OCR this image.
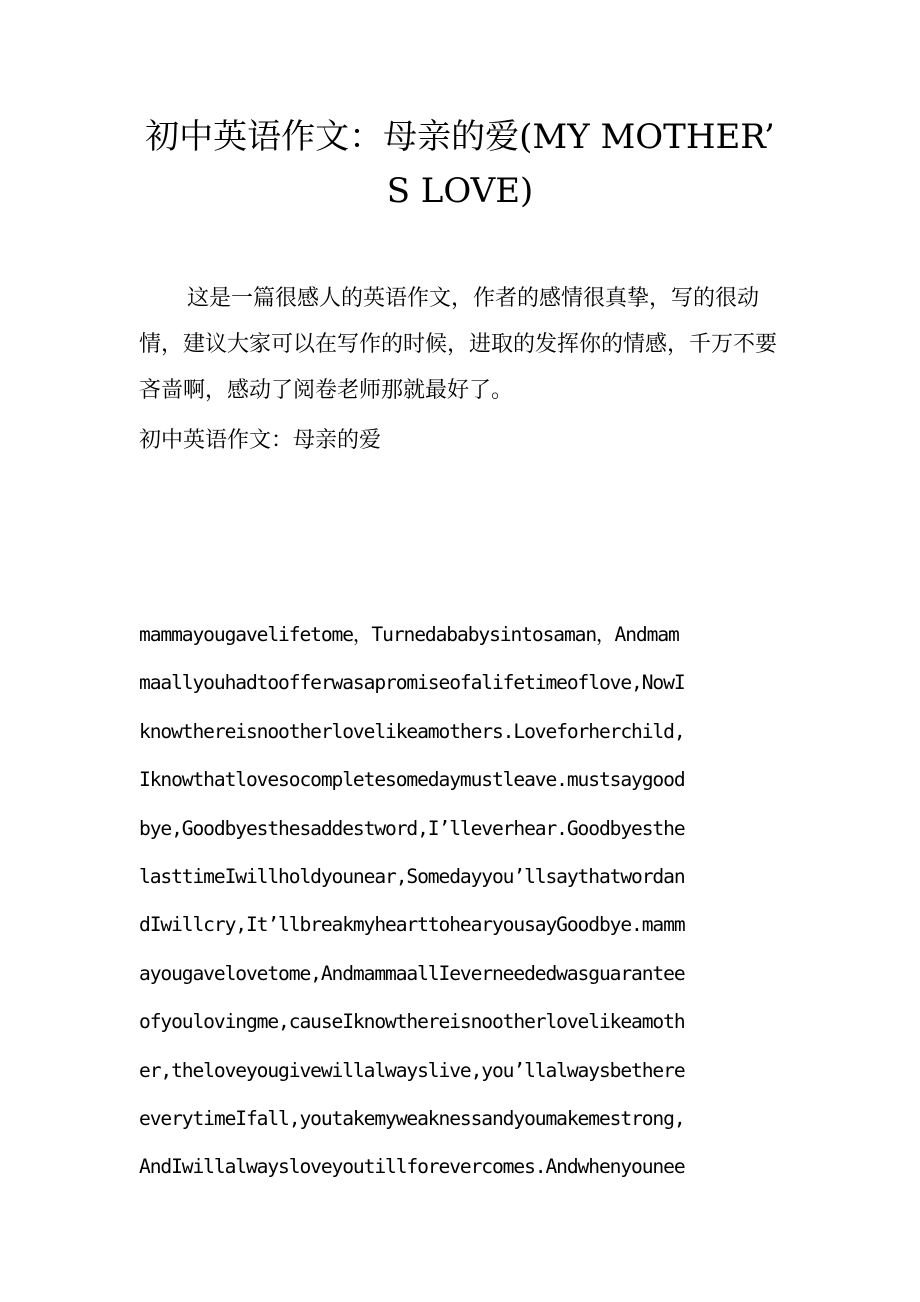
初中英语作文：母亲的爱(MY MOTHER’
S LOVE)

这是一篇很感人的英语作文，作者的感情很真挚，写的很动情，建议大家可以在写作的时候，进取的发挥你的情感，千万不要吝啬啊，感动了阅卷老师那就最好了。

初中英语作文：母亲的爱

mammayougavelifetome，Turnedababysintosaman，Andmam
maallyouhadtoofferwasapromiseofalifetimeoflove,NowI
knowthereisnootherlovelikeamothers.Loveforherchild,
Iknowthatlovesocompletesomedaymustleave.mustsaygood
bye,Goodbyesthesaddestword,I’lleverhear.Goodbyesthe
lasttimeIwillholdyounear,Somedayyou’llsaythatwordan
dIwillcry,It’llbreakmyhearttohearyousayGoodbye.mamm
ayougavelovetome,AndmammaallIeverneededwasguarantee
ofyoulovingme,causeIknowthereisnootherlovelikeamoth
er,theloveyougivewillalwayslive,you’llalwaysbethere
everytimeIfall,youtakemyweaknessandyoumakemestrong,
AndIwillalwaysloveyoutillforevercomes.Andwhenyounee
